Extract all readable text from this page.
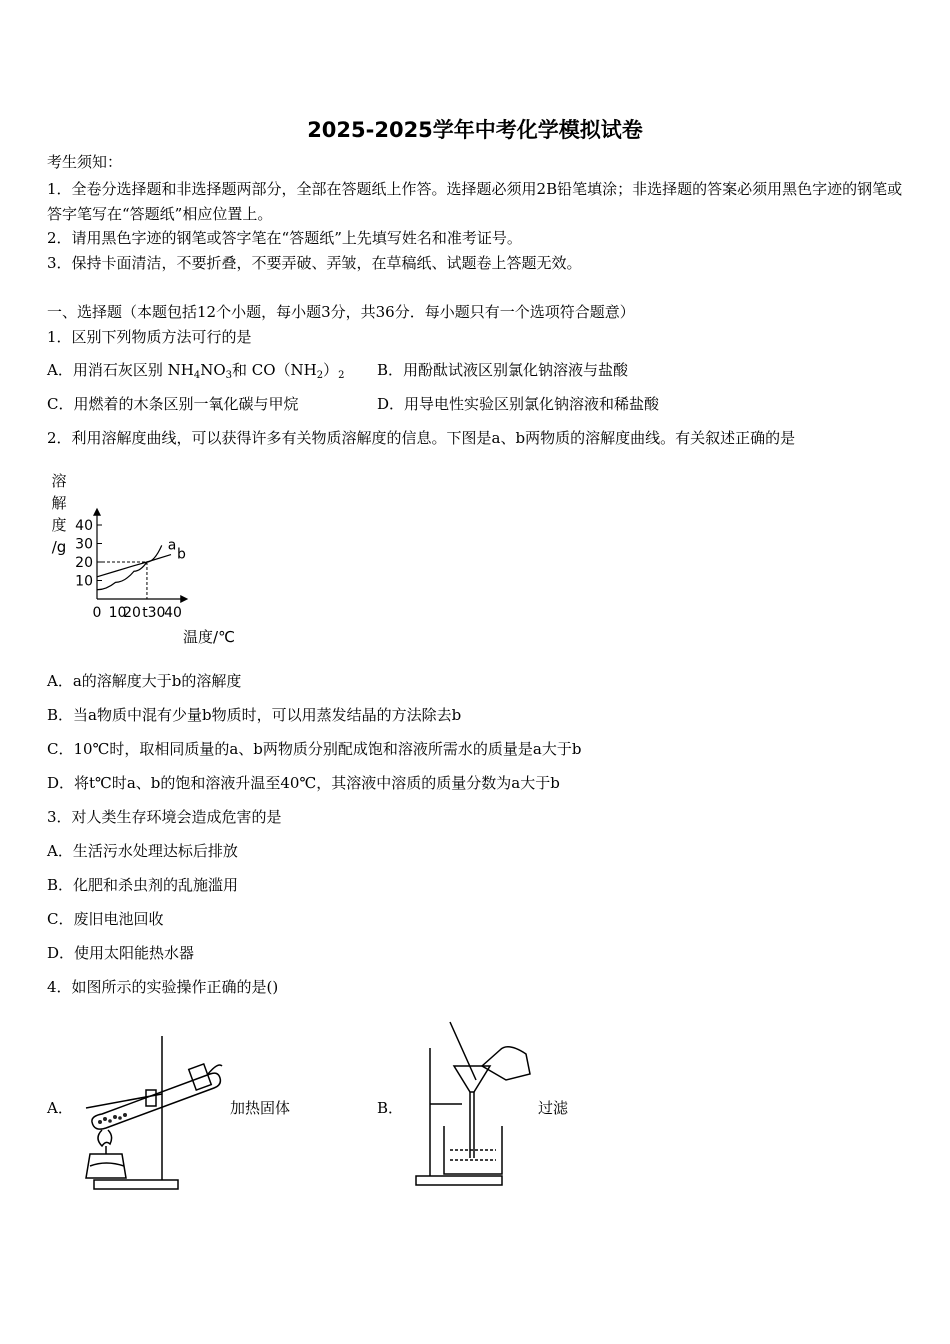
2025-2025学年中考化学模拟试卷
考生须知：
1．全卷分选择题和非选择题两部分，全部在答题纸上作答。选择题必须用2B铅笔填涂；非选择题的答案必须用黑色字迹的钢笔或答字笔写在“答题纸”相应位置上。
2．请用黑色字迹的钢笔或答字笔在“答题纸”上先填写姓名和准考证号。
3．保持卡面清洁，不要折叠，不要弄破、弄皱，在草稿纸、试题卷上答题无效。
一、选择题（本题包括12个小题，每小题3分，共36分．每小题只有一个选项符合题意）
1．区别下列物质方法可行的是
A．用消石灰区别 $NH_4NO_3$和 $CO(NH_2)_2$ B．用酚酞试液区别氯化钠溶液与盐酸
C．用燃着的木条区别一氧化碳与甲烷	D．用导电性实验区别氯化钠溶液和稀盐酸
2．利用溶解度曲线，可以获得许多有关物质溶解度的信息。下图是a、b两物质的溶解度曲线。有关叙述正确的是
10
20
30
40
0 10
20 t 30
40
a
b
溶
解
度
/g
温度/℃
A．a的溶解度大于b的溶解度
B．当a物质中混有少量b物质时，可以用蒸发结晶的方法除去b
C．10℃时，取相同质量的a、b两物质分别配成饱和溶液所需水的质量是a大于b
D．将t℃时a、b的饱和溶液升温至40℃，其溶液中溶质的质量分数为a大于b
3．对人类生存环境会造成危害的是
A．生活污水处理达标后排放
B．化肥和杀虫剂的乱施滥用
C．废旧电池回收
D．使用太阳能热水器
4．如图所示的实验操作正确的是()
A．	加热固体	B．	过滤
